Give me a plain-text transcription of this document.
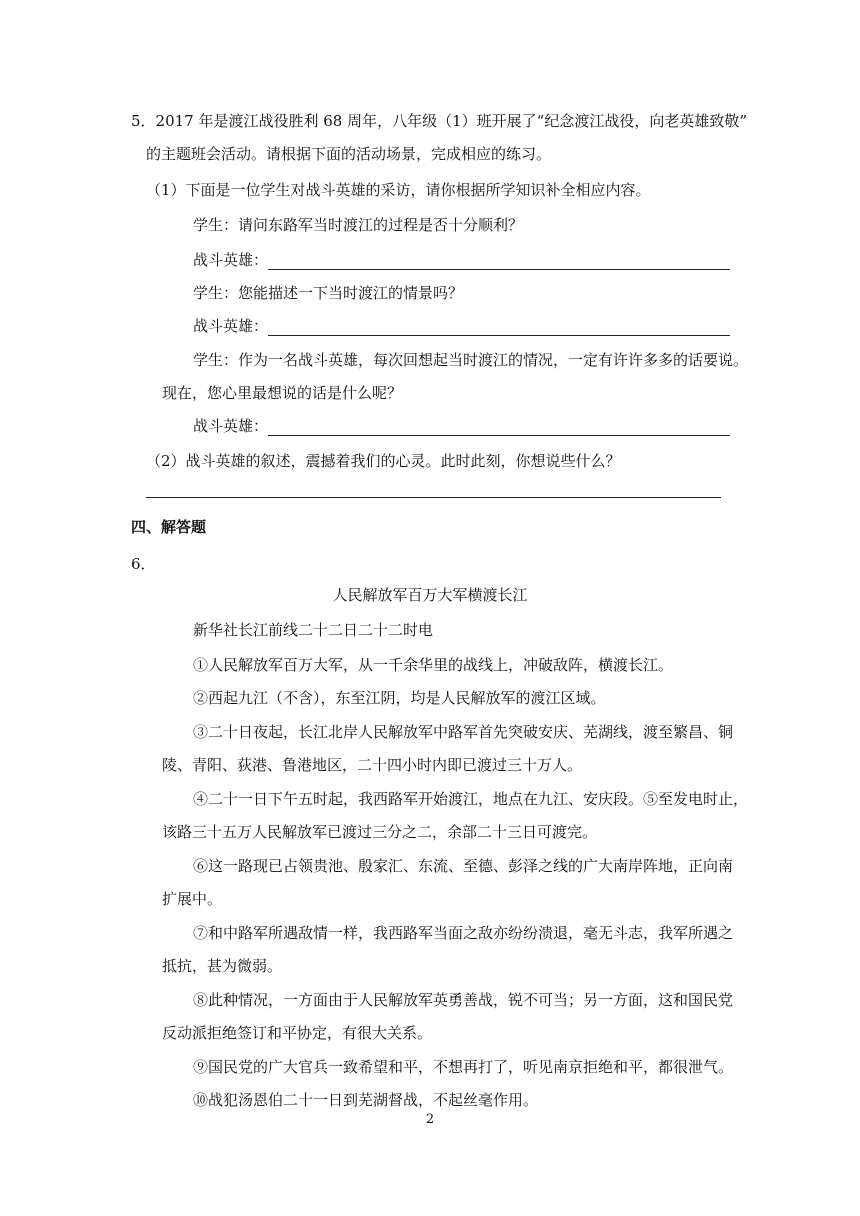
5．2017 年是渡江战役胜利 68 周年，八年级（1）班开展了“纪念渡江战役，向老英雄致敬”
的主题班会活动。请根据下面的活动场景，完成相应的练习。
（1）下面是一位学生对战斗英雄的采访，请你根据所学知识补全相应内容。
学生：请问东路军当时渡江的过程是否十分顺利？
战斗英雄：
学生：您能描述一下当时渡江的情景吗？
战斗英雄：
学生：作为一名战斗英雄，每次回想起当时渡江的情况，一定有许许多多的话要说。
现在，您心里最想说的话是什么呢？
战斗英雄：
（2）战斗英雄的叙述，震撼着我们的心灵。此时此刻，你想说些什么？
四、解答题
6．
人民解放军百万大军横渡长江
新华社长江前线二十二日二十二时电
①人民解放军百万大军，从一千余华里的战线上，冲破敌阵，横渡长江。
②西起九江（不含），东至江阴，均是人民解放军的渡江区域。
③二十日夜起，长江北岸人民解放军中路军首先突破安庆、芜湖线，渡至繁昌、铜
陵、青阳、荻港、鲁港地区，二十四小时内即已渡过三十万人。
④二十一日下午五时起，我西路军开始渡江，地点在九江、安庆段。⑤至发电时止，
该路三十五万人民解放军已渡过三分之二，余部二十三日可渡完。
⑥这一路现已占领贵池、殷家汇、东流、至德、彭泽之线的广大南岸阵地，正向南
扩展中。
⑦和中路军所遇敌情一样，我西路军当面之敌亦纷纷溃退，毫无斗志，我军所遇之
抵抗，甚为微弱。
⑧此种情况，一方面由于人民解放军英勇善战，锐不可当；另一方面，这和国民党
反动派拒绝签订和平协定，有很大关系。
⑨国民党的广大官兵一致希望和平，不想再打了，听见南京拒绝和平，都很泄气。
⑩战犯汤恩伯二十一日到芜湖督战，不起丝毫作用。
2
